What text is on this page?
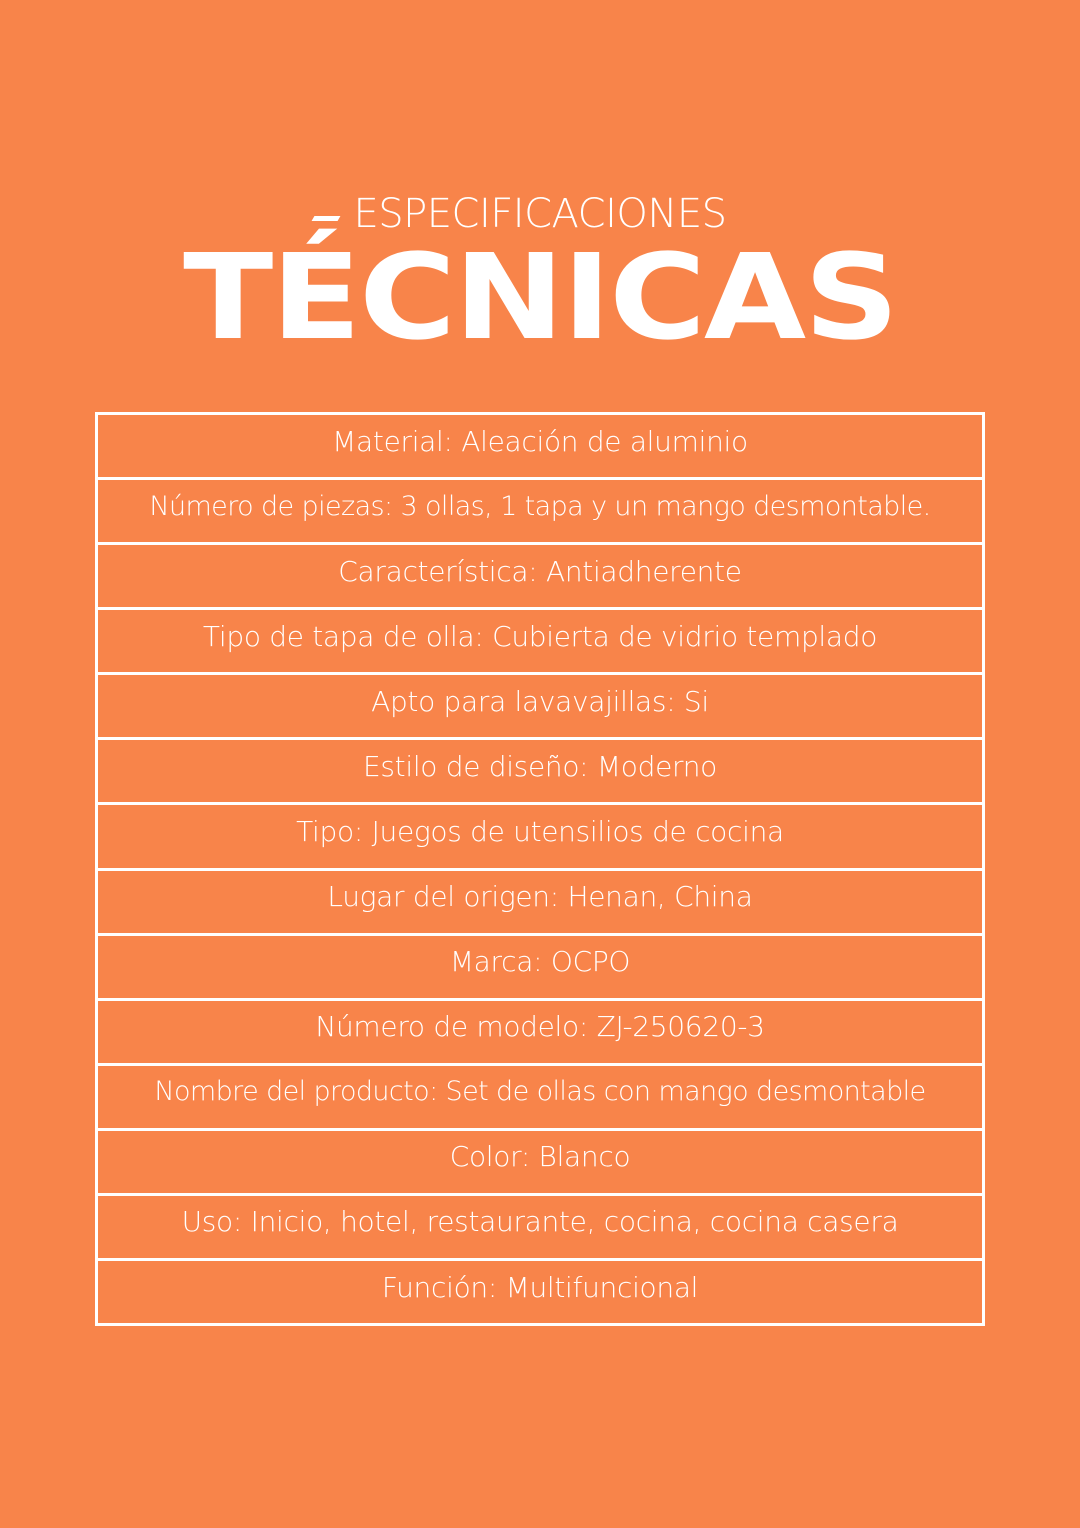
ESPECIFICACIONES
TÉCNICAS
Material: Aleación de aluminio
Número de piezas: 3 ollas, 1 tapa y un mango desmontable.
Característica: Antiadherente
Tipo de tapa de olla: Cubierta de vidrio templado
Apto para lavavajillas: Si
Estilo de diseño: Moderno
Tipo: Juegos de utensilios de cocina
Lugar del origen: Henan, China
Marca: OCPO
Número de modelo: ZJ-250620-3
Nombre del producto: Set de ollas con mango desmontable
Color: Blanco
Uso: Inicio, hotel, restaurante, cocina, cocina casera
Función: Multifuncional
